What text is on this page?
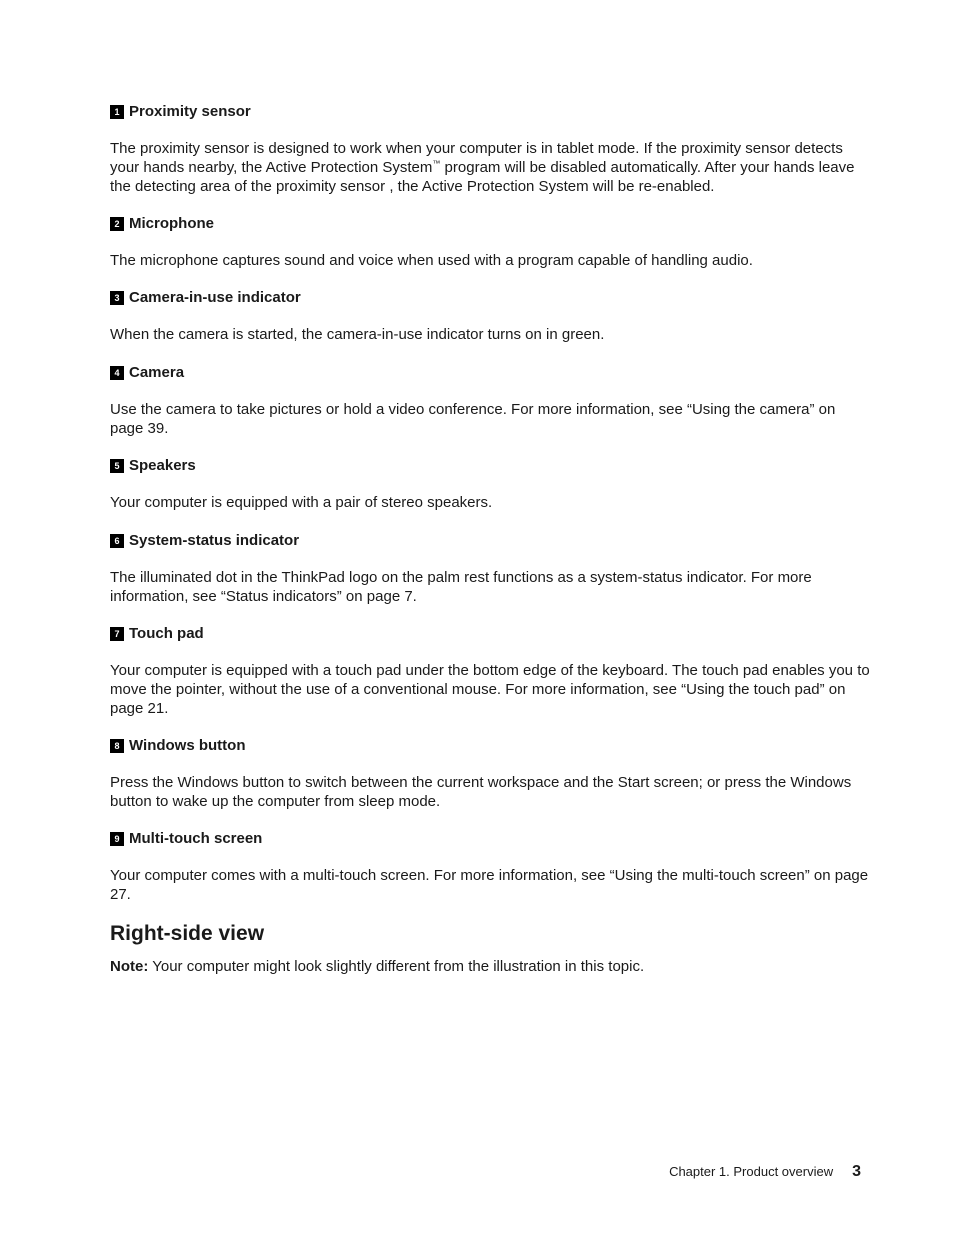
1 Proximity sensor
The proximity sensor is designed to work when your computer is in tablet mode. If the proximity sensor detects your hands nearby, the Active Protection System™ program will be disabled automatically. After your hands leave the detecting area of the proximity sensor , the Active Protection System will be re-enabled.
2 Microphone
The microphone captures sound and voice when used with a program capable of handling audio.
3 Camera-in-use indicator
When the camera is started, the camera-in-use indicator turns on in green.
4 Camera
Use the camera to take pictures or hold a video conference. For more information, see “Using the camera” on page 39.
5 Speakers
Your computer is equipped with a pair of stereo speakers.
6 System-status indicator
The illuminated dot in the ThinkPad logo on the palm rest functions as a system-status indicator. For more information, see “Status indicators” on page 7.
7 Touch pad
Your computer is equipped with a touch pad under the bottom edge of the keyboard. The touch pad enables you to move the pointer, without the use of a conventional mouse. For more information, see “Using the touch pad” on page 21.
8 Windows button
Press the Windows button to switch between the current workspace and the Start screen; or press the Windows button to wake up the computer from sleep mode.
9 Multi-touch screen
Your computer comes with a multi-touch screen. For more information, see “Using the multi-touch screen” on page 27.
Right-side view
Note: Your computer might look slightly different from the illustration in this topic.
Chapter 1. Product overview 3
